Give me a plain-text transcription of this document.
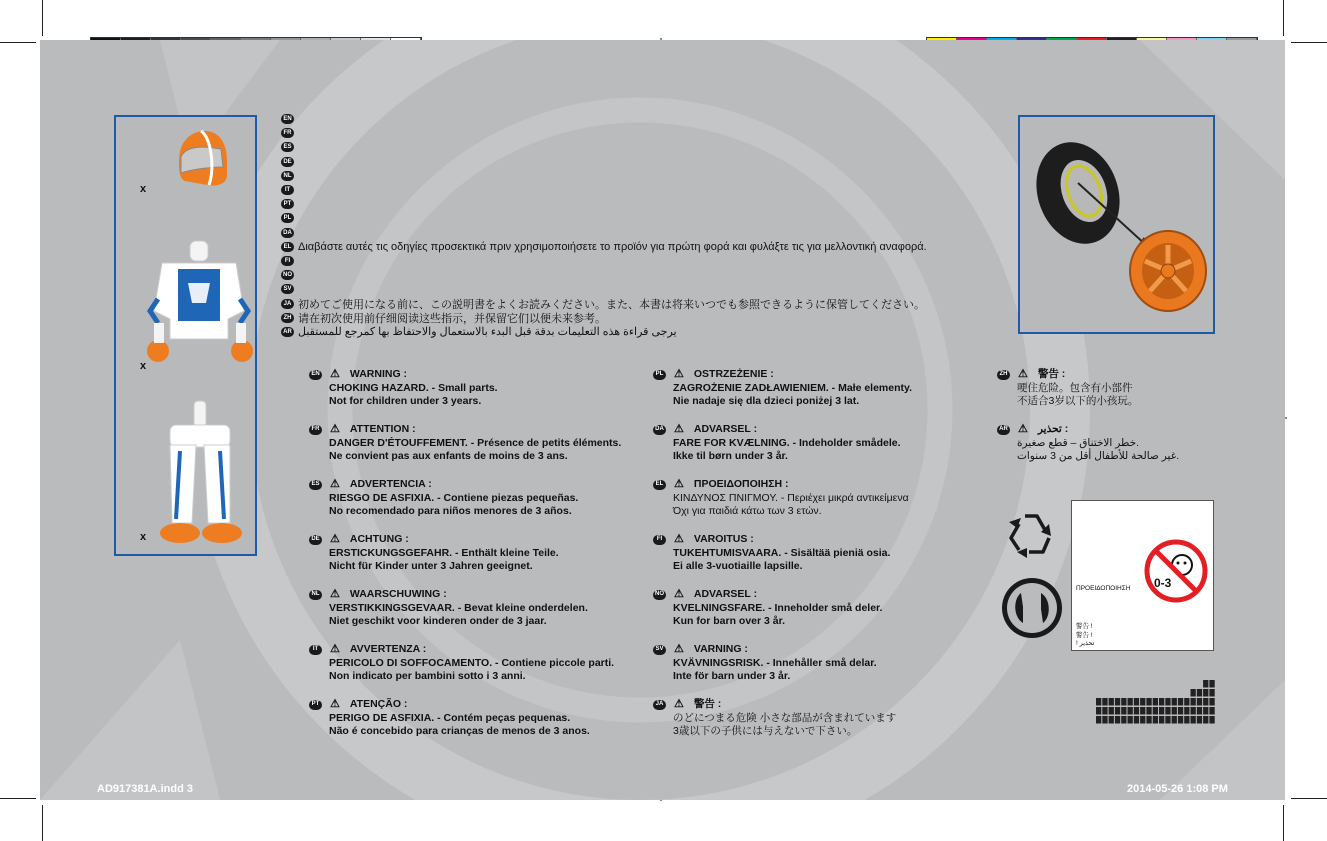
x
x
x
EN
FR
ES
DE
NL
IT
PT
PL
DA
EL Διαβάστε αυτές τις οδηγίες προσεκτικά πριν χρησιμοποιήσετε το προϊόν για πρώτη φορά και φυλάξτε τις για μελλοντική αναφορά.
FI
NO
SV
JA 初めてご使用になる前に、この説明書をよくお読みください。また、本書は将来いつでも参照できるように保管してください。
ZH 请在初次使用前仔细阅读这些指示，并保留它们以便未来参考。
AR يرجى قراءة هذه التعليمات بدقة قبل البدء بالاستعمال والاحتفاظ بها كمرجع للمستقبل
EN ⚠ WARNING :
CHOKING HAZARD. - Small parts.
Not for children under 3 years.
FR ⚠ ATTENTION :
DANGER D'ÉTOUFFEMENT. - Présence de petits éléments.
Ne convient pas aux enfants de moins de 3 ans.
ES ⚠ ADVERTENCIA :
RIESGO DE ASFIXIA. - Contiene piezas pequeñas.
No recomendado para niños menores de 3 años.
DE ⚠ ACHTUNG :
ERSTICKUNGSGEFAHR. - Enthält kleine Teile.
Nicht für Kinder unter 3 Jahren geeignet.
NL ⚠ WAARSCHUWING :
VERSTIKKINGSGEVAAR. - Bevat kleine onderdelen.
Niet geschikt voor kinderen onder de 3 jaar.
IT	⚠ AVVERTENZA :
PERICOLO DI SOFFOCAMENTO. - Contiene piccole parti.
Non indicato per bambini sotto i 3 anni.
PT ⚠ ATENÇÃO :
PERIGO DE ASFIXIA. - Contém peças pequenas.
Não é concebido para crianças de menos de 3 anos.
PL ⚠ OSTRZEŻENIE :
ZAGROŻENIE ZADŁAWIENIEM. - Małe elementy.
Nie nadaje się dla dzieci poniżej 3 lat.
DA ⚠ ADVARSEL :
FARE FOR KVÆLNING. - Indeholder smådele.
Ikke til børn under 3 år.
EL ⚠ ΠΡΟΕΙΔΟΠΟΙΗΣΗ :
ΚΙΝΔΥΝΟΣ ΠΝΙΓΜΟΥ. - Περιέχει μικρά αντικείμενα
Όχι για παιδιά κάτω των 3 ετών.
FI	⚠ VAROITUS :
TUKEHTUMISVAARA. - Sisältää pieniä osia.
Ei alle 3-vuotiaille lapsille.
NO ⚠ ADVARSEL :
KVELNINGSFARE. - Inneholder små deler.
Kun for barn over 3 år.
SV ⚠ VARNING :
KVÄVNINGSRISK. - Innehåller små delar.
Inte för barn under 3 år.
JA ⚠ 警告 :
のどにつまる危険 小さな部品が含まれています
3歳以下の子供には与えないで下さい。
ZH ⚠ 警告 :
哽住危险。包含有小部件
不适合3岁以下的小孩玩。
AR ⚠ تحذير :
خطر الاختناق – قطع صغيرة.
غير صالحة للأطفال أقل من 3 سنوات.
0-3
ΠΡΟΕΙΔΟΠΟΙΗΣΗ
警告 !
警告 !
! تحذير
AD917381A.indd 3	2014-05-26 1:08 PM
